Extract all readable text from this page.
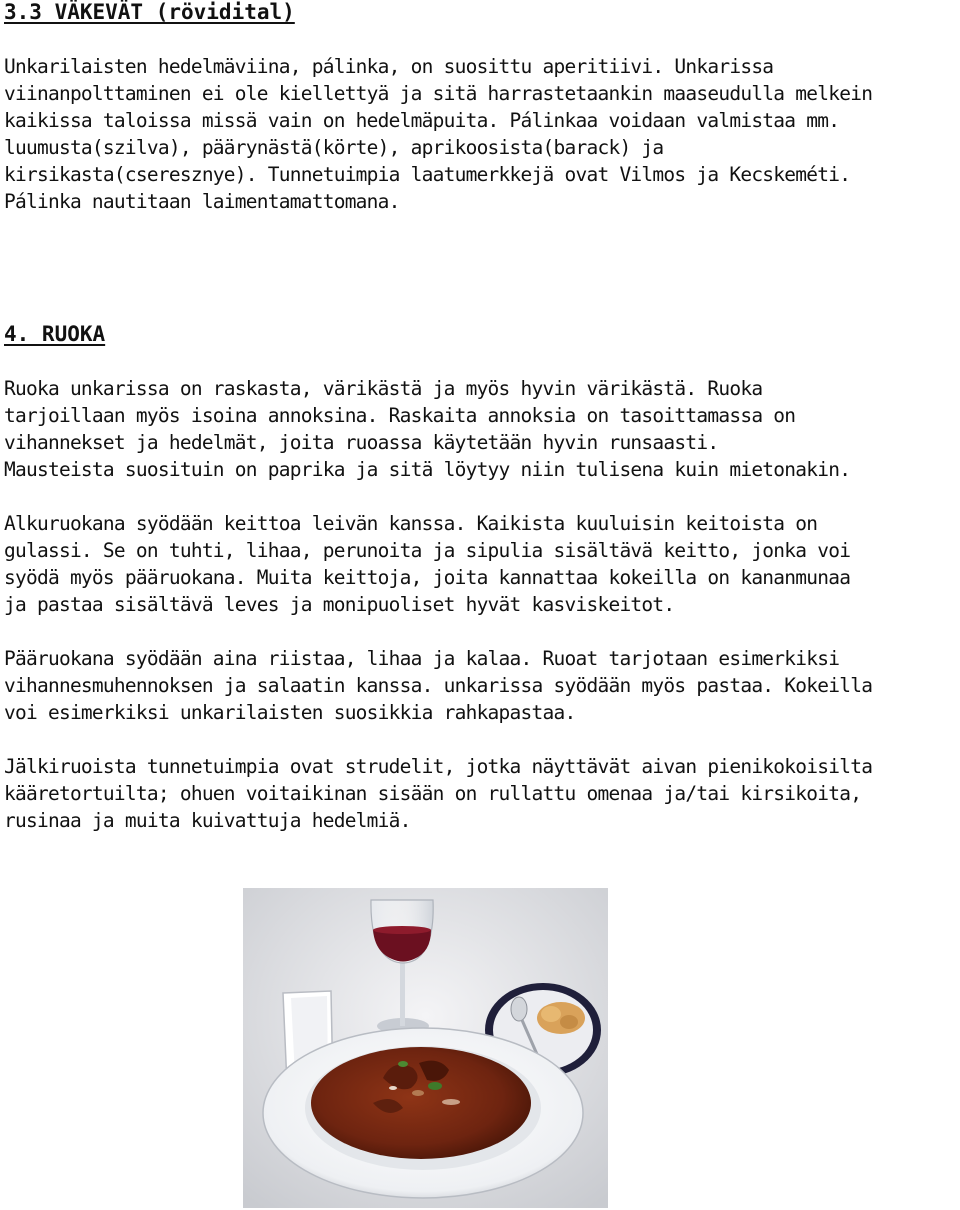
3.3 VÄKEVÄT (rövidital)
Unkarilaisten hedelmäviina, pálinka, on suosittu aperitiivi. Unkarissa
viinanpolttaminen ei ole kiellettyä ja sitä harrastetaankin maaseudulla melkein
kaikissa taloissa missä vain on hedelmäpuita. Pálinkaa voidaan valmistaa mm.
luumusta(szilva), päärynästä(körte), aprikoosista(barack) ja
kirsikasta(cseresznye). Tunnetuimpia laatumerkkejä ovat Vilmos ja Kecskeméti.
Pálinka nautitaan laimentamattomana.
4. RUOKA
Ruoka unkarissa on raskasta, värikästä ja myös hyvin värikästä. Ruoka
tarjoillaan myös isoina annoksina. Raskaita annoksia on tasoittamassa on
vihannekset ja hedelmät, joita ruoassa käytetään hyvin runsaasti.
Mausteista suosituin on paprika ja sitä löytyy niin tulisena kuin mietonakin.
Alkuruokana syödään keittoa leivän kanssa. Kaikista kuuluisin keitoista on
gulassi. Se on tuhti, lihaa, perunoita ja sipulia sisältävä keitto, jonka voi
syödä myös pääruokana. Muita keittoja, joita kannattaa kokeilla on kananmunaa
ja pastaa sisältävä leves ja monipuoliset hyvät kasviskeitot.
Pääruokana syödään aina riistaa, lihaa ja kalaa. Ruoat tarjotaan esimerkiksi
vihannesmuhennoksen ja salaatin kanssa. unkarissa syödään myös pastaa. Kokeilla
voi esimerkiksi unkarilaisten suosikkia rahkapastaa.
Jälkiruoista tunnetuimpia ovat strudelit, jotka näyttävät aivan pienikokoisilta
kääretortuilta; ohuen voitaikinan sisään on rullattu omenaa ja/tai kirsikoita,
rusinaa ja muita kuivattuja hedelmiä.
